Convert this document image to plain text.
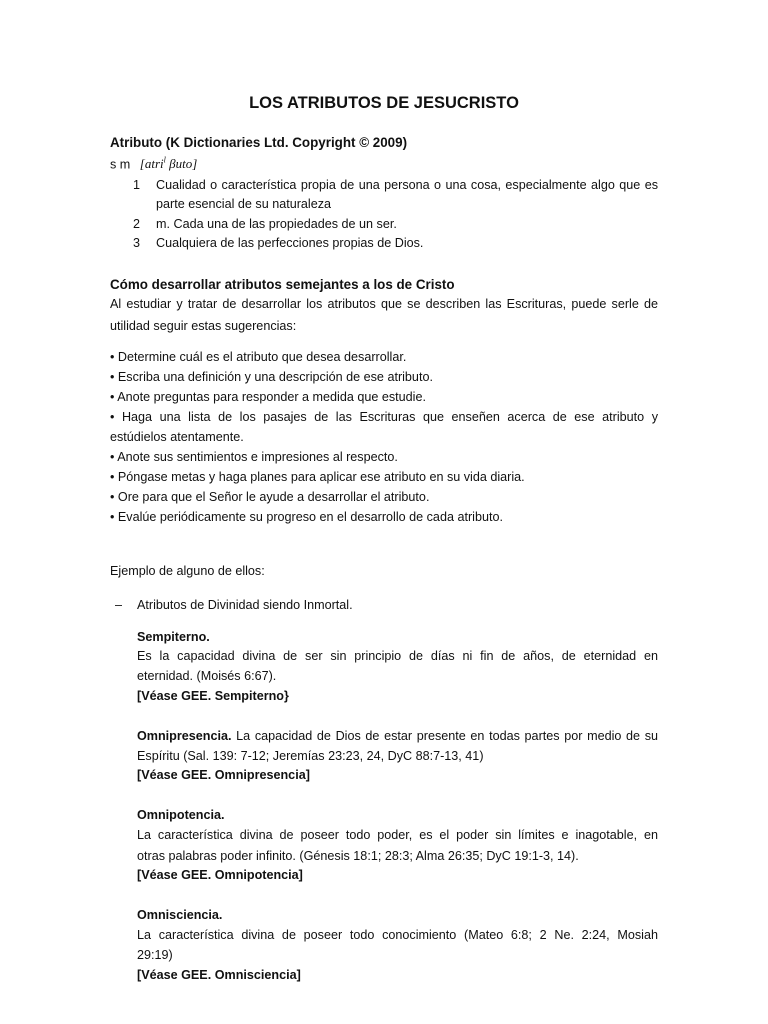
LOS ATRIBUTOS DE JESUCRISTO
Atributo (K Dictionaries Ltd. Copyright © 2009)
s m [atri$^l$ βuto]
1 Cualidad o característica propia de una persona o una cosa, especialmente algo que es
parte esencial de su naturaleza
2 m. Cada una de las propiedades de un ser.
3 Cualquiera de las perfecciones propias de Dios.
Cómo desarrollar atributos semejantes a los de Cristo
Al estudiar y tratar de desarrollar los atributos que se describen las Escrituras, puede serle de
utilidad seguir estas sugerencias:
• Determine cuál es el atributo que desea desarrollar.
• Escriba una definición y una descripción de ese atributo.
• Anote preguntas para responder a medida que estudie.
• Haga una lista de los pasajes de las Escrituras que enseñen acerca de ese atributo y
estúdielos atentamente.
• Anote sus sentimientos e impresiones al respecto.
• Póngase metas y haga planes para aplicar ese atributo en su vida diaria.
• Ore para que el Señor le ayude a desarrollar el atributo.
• Evalúe periódicamente su progreso en el desarrollo de cada atributo.
Ejemplo de alguno de ellos:
– Atributos de Divinidad siendo Inmortal.
Sempiterno.
Es la capacidad divina de ser sin principio de días ni fin de años, de eternidad en
eternidad. (Moisés 6:67).
[Véase GEE. Sempiterno}
Omnipresencia. La capacidad de Dios de estar presente en todas partes por medio de su
Espíritu (Sal. 139: 7-12; Jeremías 23:23, 24, DyC 88:7-13, 41)
[Véase GEE. Omnipresencia]
Omnipotencia.
La característica divina de poseer todo poder, es el poder sin límites e inagotable, en
otras palabras poder infinito. (Génesis 18:1; 28:3; Alma 26:35; DyC 19:1-3, 14).
[Véase GEE. Omnipotencia]
Omnisciencia.
La característica divina de poseer todo conocimiento (Mateo 6:8; 2 Ne. 2:24, Mosiah
29:19)
[Véase GEE. Omnisciencia]
